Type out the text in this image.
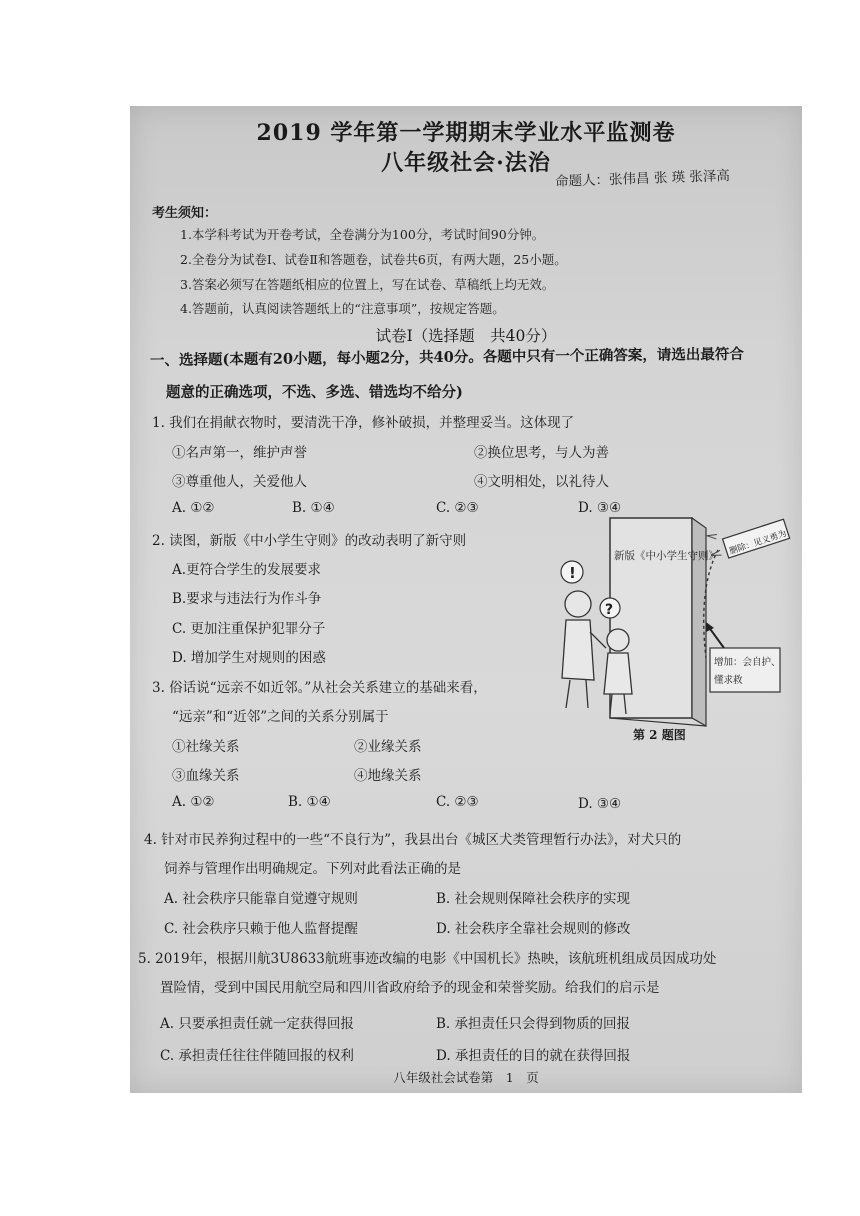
2019 学年第一学期期末学业水平监测卷
八年级社会·法治
命题人：张伟昌 张 瑛 张泽高
考生须知：
1.本学科考试为开卷考试，全卷满分为100分，考试时间90分钟。
2.全卷分为试卷Ⅰ、试卷Ⅱ和答题卷，试卷共6页，有两大题，25小题。
3.答案必须写在答题纸相应的位置上，写在试卷、草稿纸上均无效。
4.答题前，认真阅读答题纸上的“注意事项”，按规定答题。
试卷Ⅰ（选择题　共40分）
一、选择题(本题有20小题，每小题2分，共40分。各题中只有一个正确答案，请选出最符合
题意的正确选项，不选、多选、错选均不给分)
1. 我们在捐献衣物时，要清洗干净，修补破损，并整理妥当。这体现了
①名声第一，维护声誉	②换位思考，与人为善
③尊重他人，关爱他人	④文明相处，以礼待人
A. ①②	B. ①④	C. ②③	D. ③④
2. 读图，新版《中小学生守则》的改动表明了新守则
A.更符合学生的发展要求
B.要求与违法行为作斗争
C. 更加注重保护犯罪分子
D. 增加学生对规则的困惑
!
?
新版《中小学生守则》 删除：见义勇为
增加：会自护、
懂求救
第 2 题图
3. 俗话说“远亲不如近邻。”从社会关系建立的基础来看，
“远亲”和“近邻”之间的关系分别属于
①社缘关系	②业缘关系
③血缘关系	④地缘关系
A. ①②	B. ①④	C. ②③	D. ③④
4. 针对市民养狗过程中的一些“不良行为”，我县出台《城区犬类管理暂行办法》，对犬只的
饲养与管理作出明确规定。下列对此看法正确的是
A. 社会秩序只能靠自觉遵守规则	B. 社会规则保障社会秩序的实现
C. 社会秩序只赖于他人监督提醒	D. 社会秩序全靠社会规则的修改
5. 2019年，根据川航3U8633航班事迹改编的电影《中国机长》热映，该航班机组成员因成功处
置险情，受到中国民用航空局和四川省政府给予的现金和荣誉奖励。给我们的启示是
A. 只要承担责任就一定获得回报	B. 承担责任只会得到物质的回报
C. 承担责任往往伴随回报的权利	D. 承担责任的目的就在获得回报
八年级社会试卷第　1　页
